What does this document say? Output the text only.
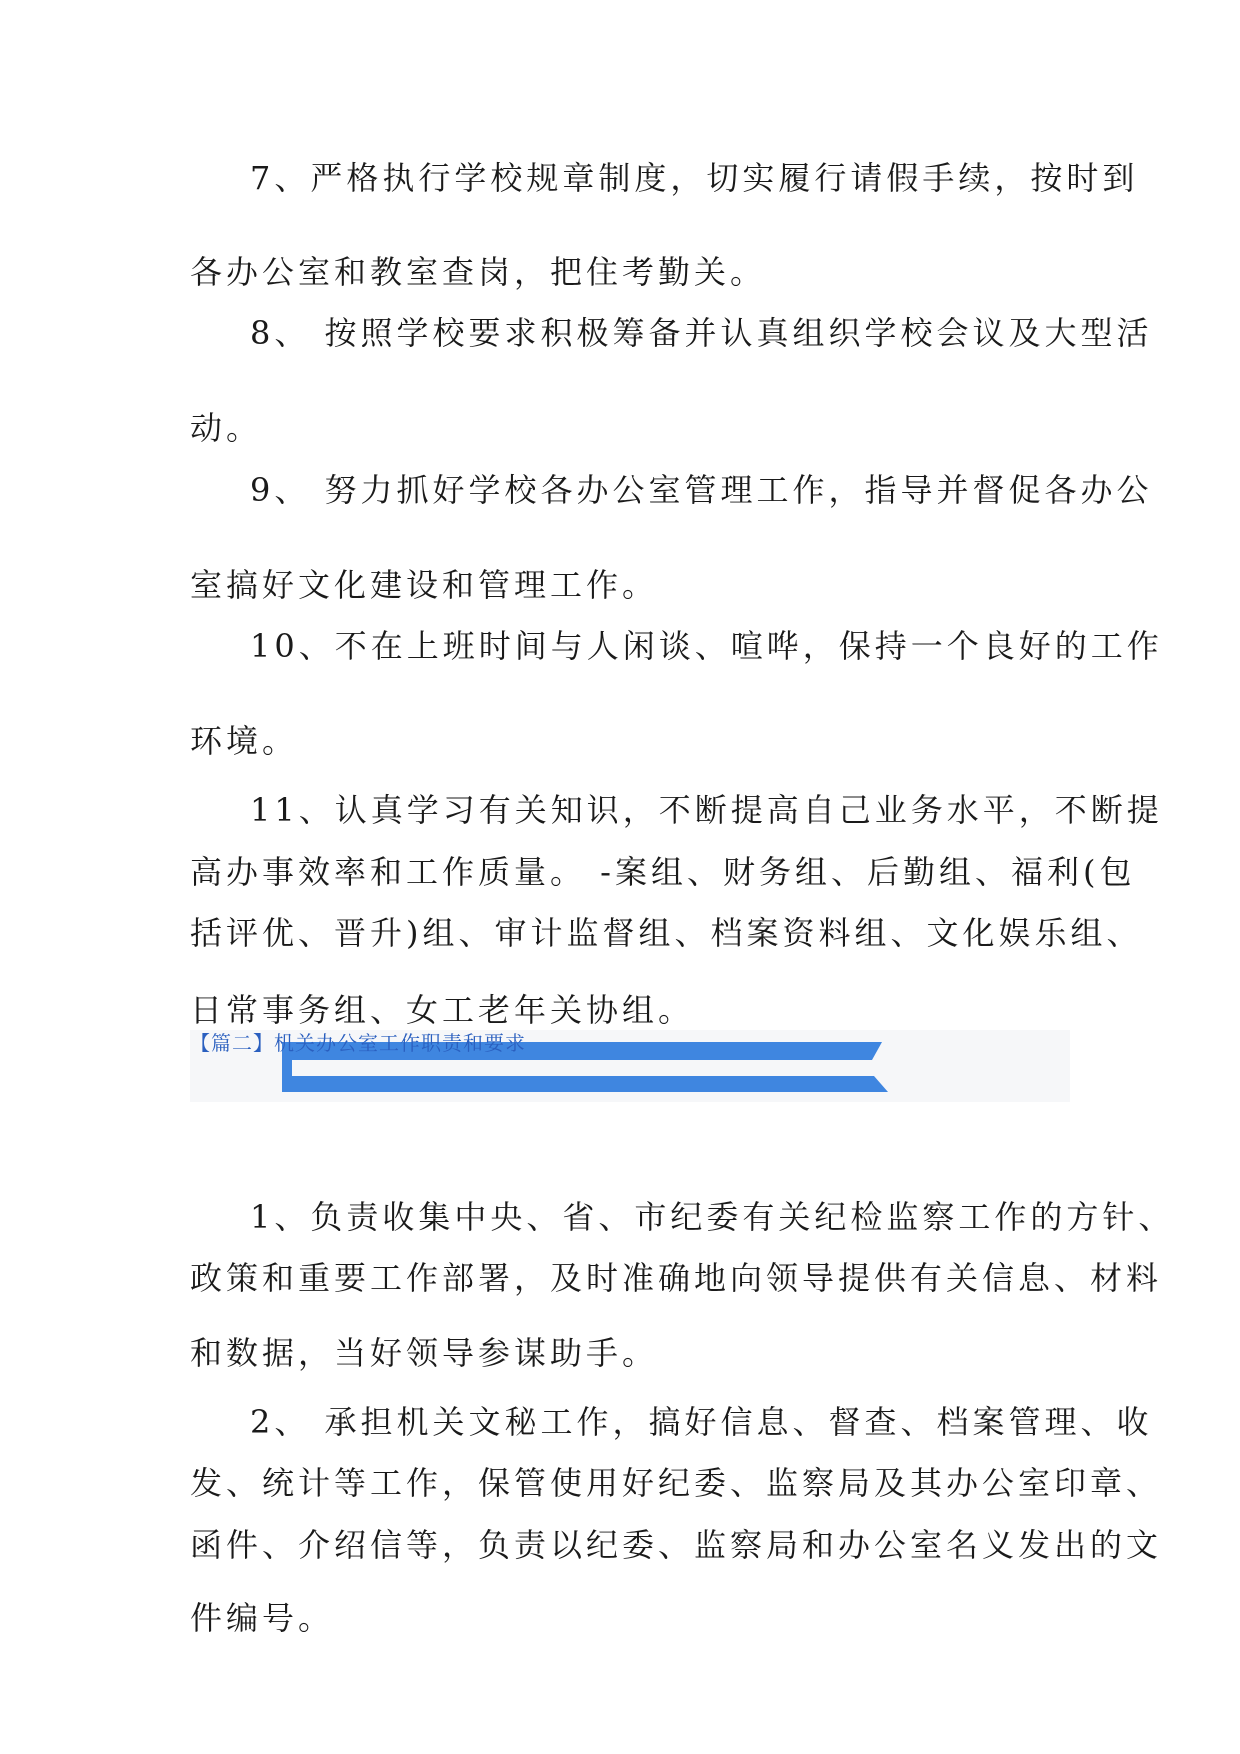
7、严格执行学校规章制度，切实履行请假手续，按时到

各办公室和教室查岗，把住考勤关。

8、 按照学校要求积极筹备并认真组织学校会议及大型活

动。

9、 努力抓好学校各办公室管理工作，指导并督促各办公

室搞好文化建设和管理工作。

10、不在上班时间与人闲谈、喧哗，保持一个良好的工作

环境。

11、认真学习有关知识，不断提高自己业务水平，不断提

高办事效率和工作质量。 -案组、财务组、后勤组、福利(包

括评优、晋升)组、审计监督组、档案资料组、文化娱乐组、

日常事务组、女工老年关协组。

【篇二】机关办公室工作职责和要求

1、负责收集中央、省、市纪委有关纪检监察工作的方针、

政策和重要工作部署，及时准确地向领导提供有关信息、材料

和数据，当好领导参谋助手。

2、 承担机关文秘工作，搞好信息、督查、档案管理、收

发、统计等工作，保管使用好纪委、监察局及其办公室印章、

函件、介绍信等，负责以纪委、监察局和办公室名义发出的文

件编号。
